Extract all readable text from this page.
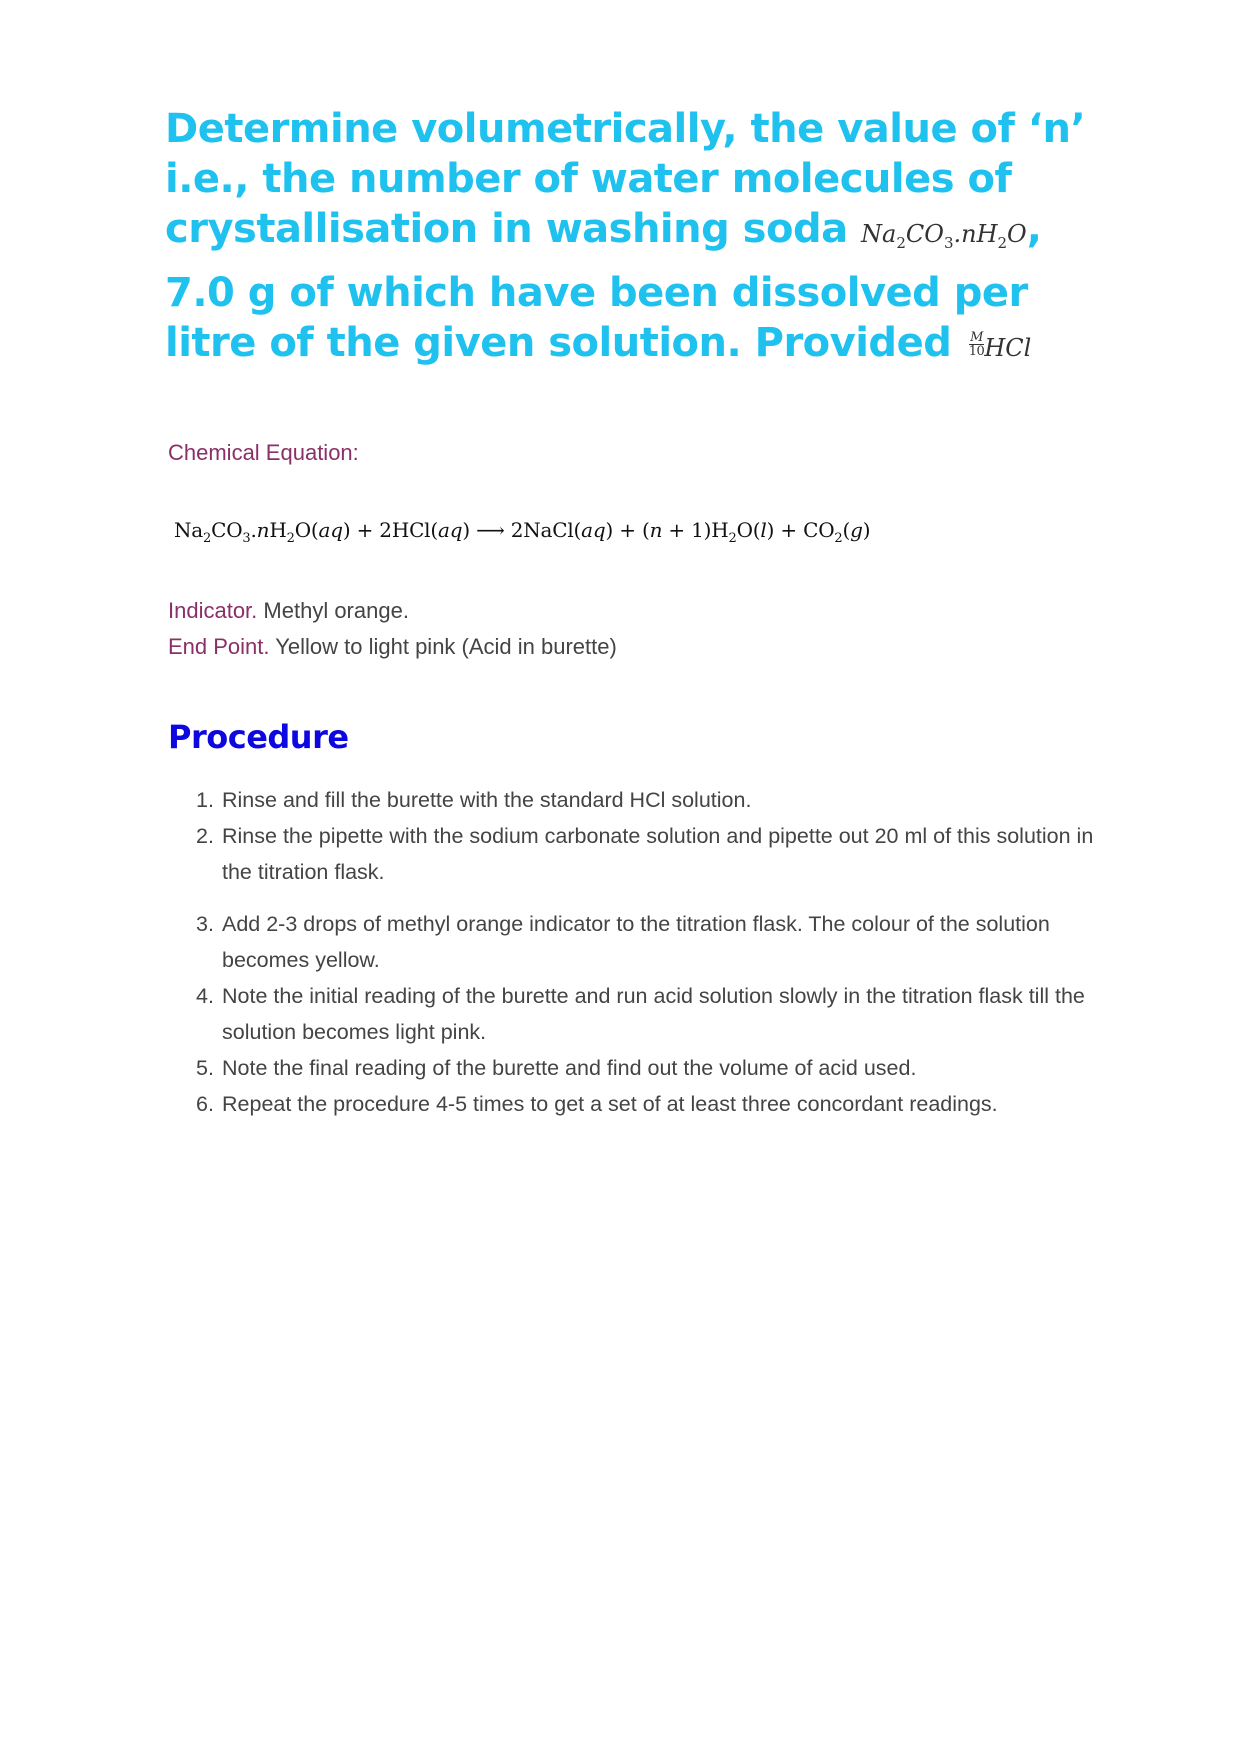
Determine volumetrically, the value of ‘n’ i.e., the number of water molecules of crystallisation in washing soda $Na_2CO_3.nH_2O$, 7.0 g of which have been dissolved per litre of the given solution. Provided $\frac{M}{10}$ HCl

Chemical Equation:

$Na_2CO_3.nH_2O(aq) + 2HCl(aq)$ ⟶ 2NaCl(aq) + $(n + 1)H_2O(l) + CO_2(g)$

Indicator. Methyl orange.

End Point. Yellow to light pink (Acid in burette)

Procedure
1. Rinse and fill the burette with the standard HCl solution.
2. Rinse the pipette with the sodium carbonate solution and pipette out 20 ml of this solution in the titration flask.
3. Add 2-3 drops of methyl orange indicator to the titration flask. The colour of the solution becomes yellow.
4. Note the initial reading of the burette and run acid solution slowly in the titration flask till the solution becomes light pink.
5. Note the final reading of the burette and find out the volume of acid used.
6. Repeat the procedure 4-5 times to get a set of at least three concordant readings.
